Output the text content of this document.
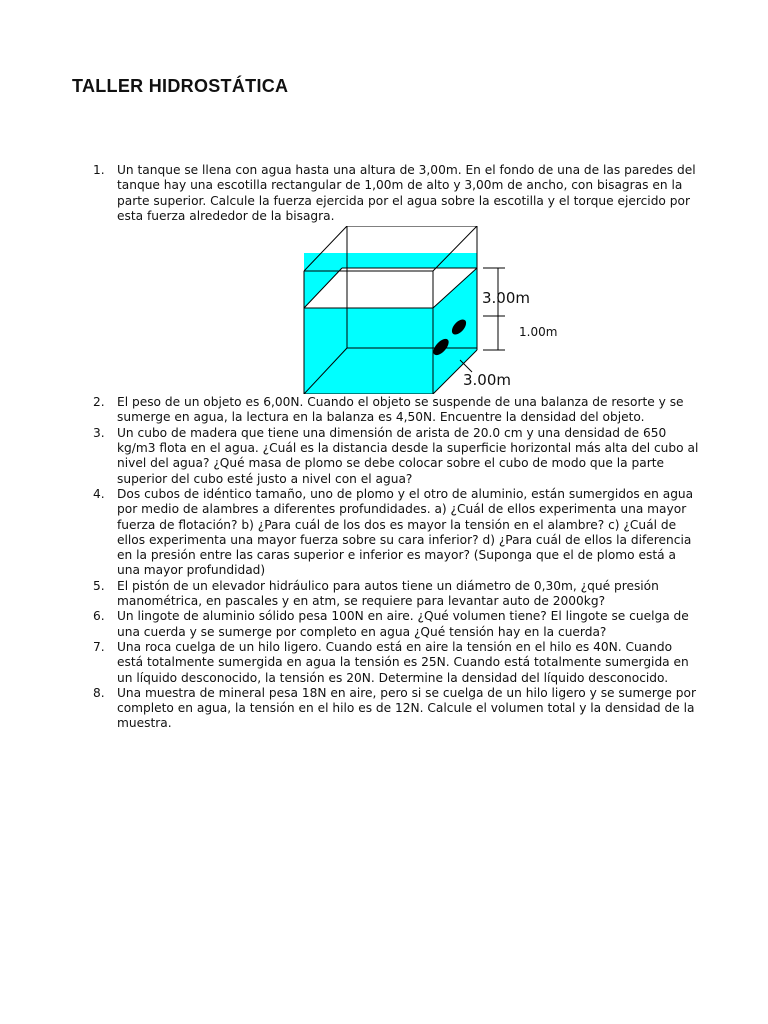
TALLER HIDROSTÁTICA
1. Un tanque se llena con agua hasta una altura de 3,00m. En el fondo de una de las paredes del tanque hay una escotilla rectangular de 1,00m de alto y 3,00m de ancho, con bisagras en la parte superior. Calcule la fuerza ejercida por el agua sobre la escotilla y el torque ejercido por esta fuerza alrededor de la bisagra.
3.00m
1.00m
3.00m
2. El peso de un objeto es 6,00N. Cuando el objeto se suspende de una balanza de resorte y se sumerge en agua, la lectura en la balanza es 4,50N. Encuentre la densidad del objeto.
3. Un cubo de madera que tiene una dimensión de arista de 20.0 cm y una densidad de 650 kg/m3 flota en el agua. ¿Cuál es la distancia desde la superficie horizontal más alta del cubo al nivel del agua? ¿Qué masa de plomo se debe colocar sobre el cubo de modo que la parte superior del cubo esté justo a nivel con el agua?
4. Dos cubos de idéntico tamaño, uno de plomo y el otro de aluminio, están sumergidos en agua por medio de alambres a diferentes profundidades. a) ¿Cuál de ellos experimenta una mayor fuerza de flotación? b) ¿Para cuál de los dos es mayor la tensión en el alambre? c) ¿Cuál de ellos experimenta una mayor fuerza sobre su cara inferior? d) ¿Para cuál de ellos la diferencia en la presión entre las caras superior e inferior es mayor? (Suponga que el de plomo está a una mayor profundidad)
5. El pistón de un elevador hidráulico para autos tiene un diámetro de 0,30m, ¿qué presión manométrica, en pascales y en atm, se requiere para levantar auto de 2000kg?
6. Un lingote de aluminio sólido pesa 100N en aire. ¿Qué volumen tiene? El lingote se cuelga de una cuerda y se sumerge por completo en agua ¿Qué tensión hay en la cuerda?
7. Una roca cuelga de un hilo ligero. Cuando está en aire la tensión en el hilo es 40N. Cuando está totalmente sumergida en agua la tensión es 25N. Cuando está totalmente sumergida en un líquido desconocido, la tensión es 20N. Determine la densidad del líquido desconocido.
8. Una muestra de mineral pesa 18N en aire, pero si se cuelga de un hilo ligero y se sumerge por completo en agua, la tensión en el hilo es de 12N. Calcule el volumen total y la densidad de la muestra.
